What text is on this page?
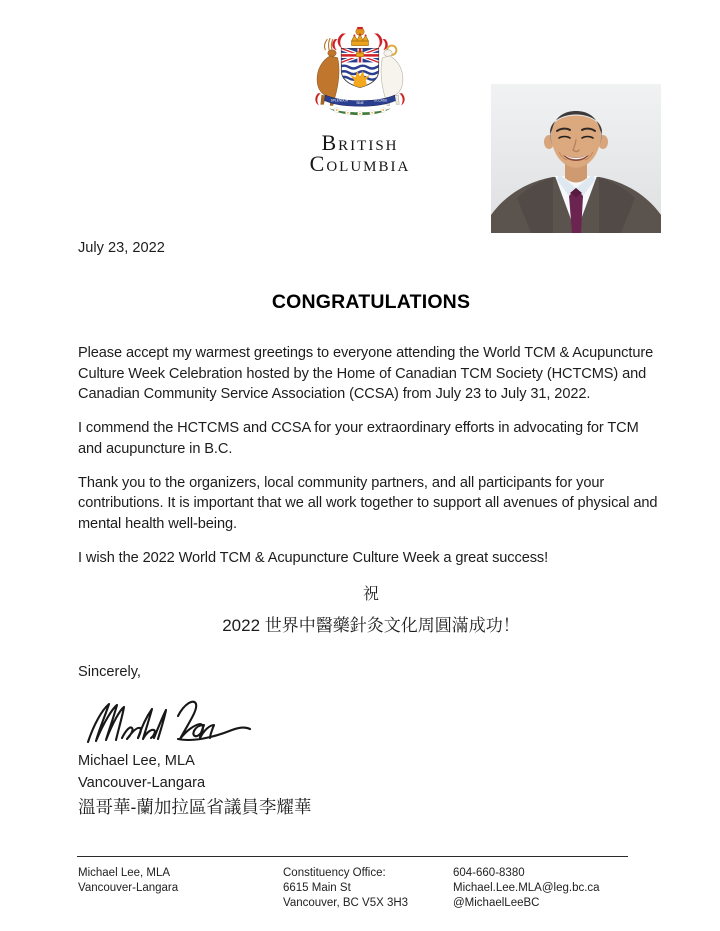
SPLENDOR
SINE
OCCASU
BRITISH
COLUMBIA
July 23, 2022
CONGRATULATIONS

Please accept my warmest greetings to everyone attending the World TCM & Acupuncture Culture Week Celebration hosted by the Home of Canadian TCM Society (HCTCMS) and Canadian Community Service Association (CCSA) from July 23 to July 31, 2022.

I commend the HCTCMS and CCSA for your extraordinary efforts in advocating for TCM and acupuncture in B.C.

Thank you to the organizers, local community partners, and all participants for your contributions. It is important that we all work together to support all avenues of physical and mental health well-being.

I wish the 2022 World TCM & Acupuncture Culture Week a great success!

祝
2022 世界中醫藥針灸文化周圓滿成功！
Sincerely,
Michael Lee, MLA
Vancouver-Langara
溫哥華-蘭加拉區省議員李耀華
Michael Lee, MLA
Vancouver-Langara
Constituency Office:
6615 Main St
Vancouver, BC V5X 3H3
604-660-8380
Michael.Lee.MLA@leg.bc.ca
@MichaelLeeBC
